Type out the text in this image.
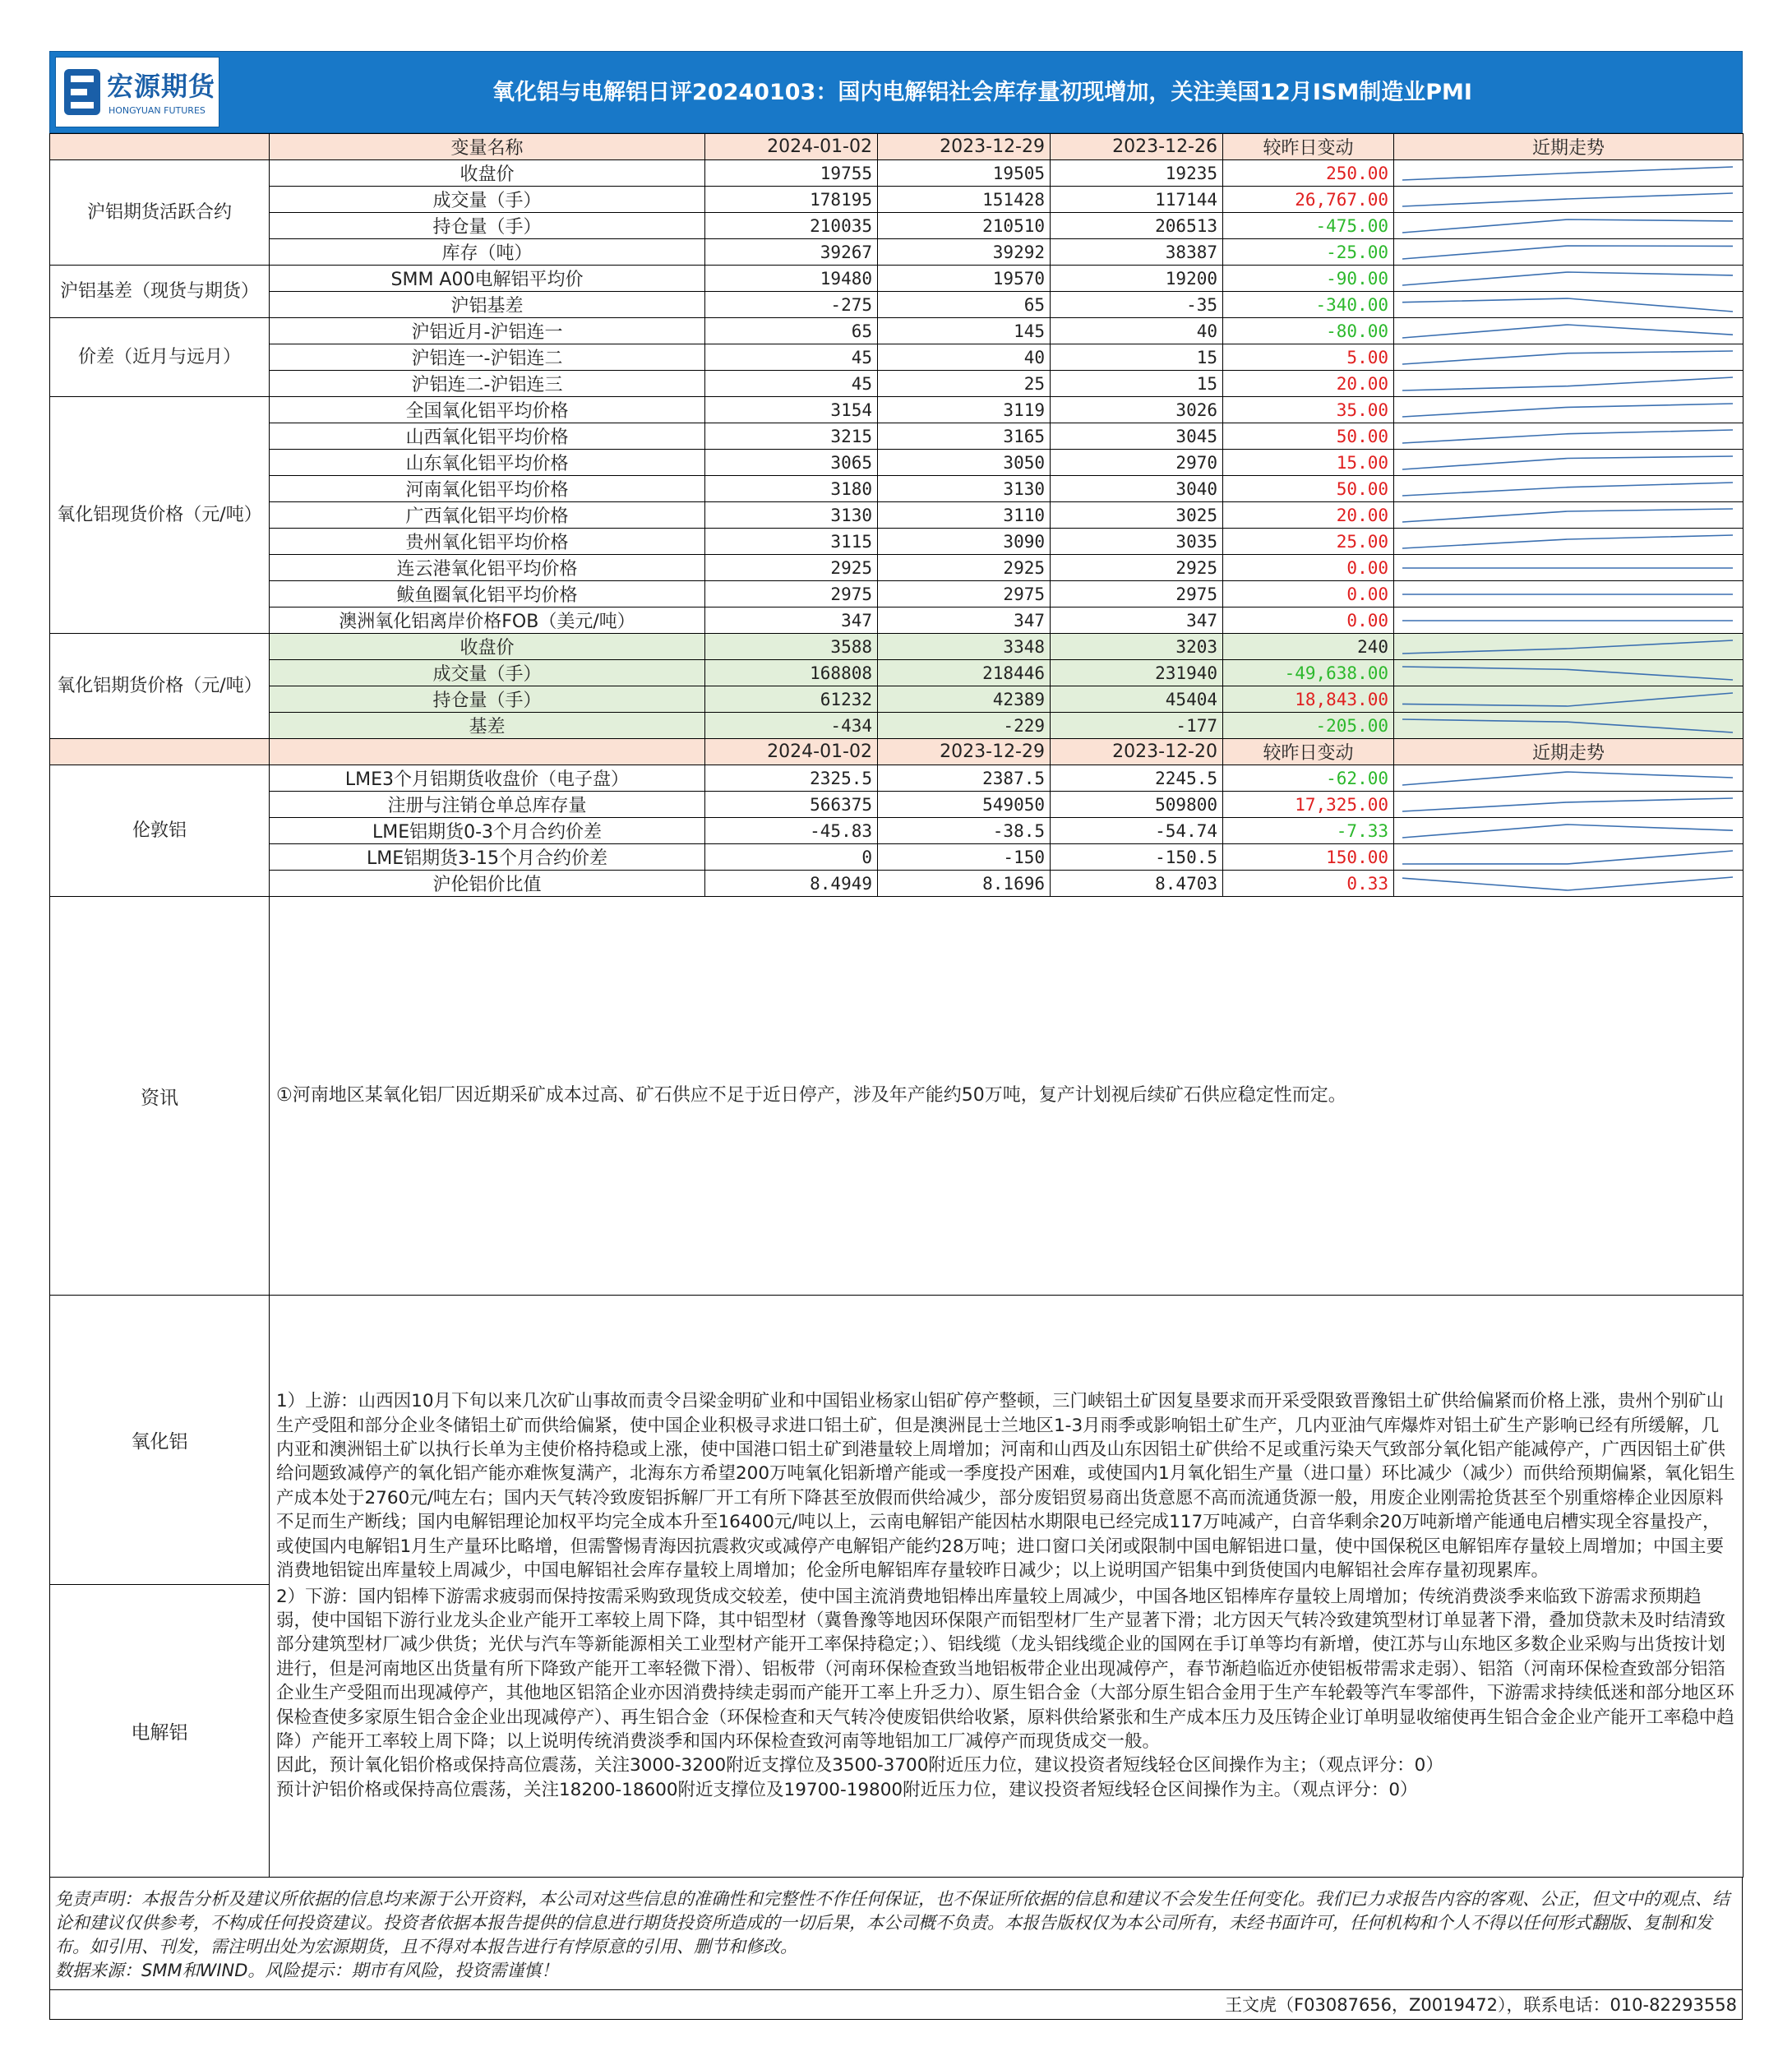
宏源期货
HONGYUAN FUTURES
氧化铝与电解铝日评20240103：国内电解铝社会库存量初现增加，关注美国12月ISM制造业PMI
	变量名称	2024-01-02	2023-12-29	2023-12-26	较昨日变动	近期走势
沪铝期货活跃合约	收盘价	19755	19505	19235	250.00	

	成交量（手）	178195	151428	117144	26,767.00	

	持仓量（手）	210035	210510	206513	-475.00	

	库存（吨）	39267	39292	38387	-25.00	

沪铝基差（现货与期货）	SMM A00电解铝平均价	19480	19570	19200	-90.00	

	沪铝基差	-275	65	-35	-340.00	

价差（近月与远月）	沪铝近月-沪铝连一	65	145	40	-80.00	

	沪铝连一-沪铝连二	45	40	15	5.00	

	沪铝连二-沪铝连三	45	25	15	20.00	

氧化铝现货价格（元/吨）	全国氧化铝平均价格	3154	3119	3026	35.00	

	山西氧化铝平均价格	3215	3165	3045	50.00	

	山东氧化铝平均价格	3065	3050	2970	15.00	

	河南氧化铝平均价格	3180	3130	3040	50.00	

	广西氧化铝平均价格	3130	3110	3025	20.00	

	贵州氧化铝平均价格	3115	3090	3035	25.00	

	连云港氧化铝平均价格	2925	2925	2925	0.00	

	鲅鱼圈氧化铝平均价格	2975	2975	2975	0.00	

	澳洲氧化铝离岸价格FOB（美元/吨）	347	347	347	0.00	

氧化铝期货价格（元/吨）	收盘价	3588	3348	3203	240	

	成交量（手）	168808	218446	231940	-49,638.00	

	持仓量（手）	61232	42389	45404	18,843.00	

	基差	-434	-229	-177	-205.00	

		2024-01-02	2023-12-29	2023-12-20	较昨日变动	近期走势
伦敦铝	LME3个月铝期货收盘价（电子盘）	2325.5	2387.5	2245.5	-62.00	

	注册与注销仓单总库存量	566375	549050	509800	17,325.00	

	LME铝期货0-3个月合约价差	-45.83	-38.5	-54.74	-7.33	

	LME铝期货3-15个月合约价差	0	-150	-150.5	150.00	

	沪伦铝价比值	8.4949	8.1696	8.4703	0.33	

资讯	①河南地区某氧化铝厂因近期采矿成本过高、矿石供应不足于近日停产，涉及年产能约50万吨，复产计划视后续矿石供应稳定性而定。					
氧化铝	1）上游：山西因10月下旬以来几次矿山事故而责令吕梁金明矿业和中国铝业杨家山铝矿停产整顿，三门峡铝土矿因复垦要求而开采受限致晋豫铝土矿供给偏紧而价格上涨，贵州个别矿山生产受阻和部分企业冬储铝土矿而供给偏紧，使中国企业积极寻求进口铝土矿，但是澳洲昆士兰地区1-3月雨季或影响铝土矿生产，几内亚油气库爆炸对铝土矿生产影响已经有所缓解，几内亚和澳洲铝土矿以执行长单为主使价格持稳或上涨，使中国港口铝土矿到港量较上周增加；河南和山西及山东因铝土矿供给不足或重污染天气致部分氧化铝产能减停产，广西因铝土矿供给问题致减停产的氧化铝产能亦难恢复满产，北海东方希望200万吨氧化铝新增产能或一季度投产困难，或使国内1月氧化铝生产量（进口量）环比减少（减少）而供给预期偏紧，氧化铝生产成本处于2760元/吨左右；国内天气转冷致废铝拆解厂开工有所下降甚至放假而供给减少，部分废铝贸易商出货意愿不高而流通货源一般，用废企业刚需抢货甚至个别重熔棒企业因原料不足而生产断线；国内电解铝理论加权平均完全成本升至16400元/吨以上，云南电解铝产能因枯水期限电已经完成117万吨减产，白音华剩余20万吨新增产能通电启槽实现全容量投产，或使国内电解铝1月生产量环比略增，但需警惕青海因抗震救灾或减停产电解铝产能约28万吨；进口窗口关闭或限制中国电解铝进口量，使中国保税区电解铝库存量较上周增加；中国主要消费地铝锭出库量较上周减少，中国电解铝社会库存量较上周增加；伦金所电解铝库存量较昨日减少；以上说明国产铝集中到货使国内电解铝社会库存量初现累库。					

电解铝	2）下游：国内铝棒下游需求疲弱而保持按需采购致现货成交较差，使中国主流消费地铝棒出库量较上周减少，中国各地区铝棒库存量较上周增加；传统消费淡季来临致下游需求预期趋弱，使中国铝下游行业龙头企业产能开工率较上周下降，其中铝型材（冀鲁豫等地因环保限产而铝型材厂生产显著下滑；北方因天气转冷致建筑型材订单显著下滑，叠加贷款未及时结清致部分建筑型材厂减少供货；光伏与汽车等新能源相关工业型材产能开工率保持稳定；）、铝线缆（龙头铝线缆企业的国网在手订单等均有新增，使江苏与山东地区多数企业采购与出货按计划进行，但是河南地区出货量有所下降致产能开工率轻微下滑）、铝板带（河南环保检查致当地铝板带企业出现减停产，春节渐趋临近亦使铝板带需求走弱）、铝箔（河南环保检查致部分铝箔企业生产受阻而出现减停产，其他地区铝箔企业亦因消费持续走弱而产能开工率上升乏力）、原生铝合金（大部分原生铝合金用于生产车轮毂等汽车零部件，下游需求持续低迷和部分地区环保检查使多家原生铝合金企业出现减停产）、再生铝合金（环保检查和天气转冷使废铝供给收紧，原料供给紧张和生产成本压力及压铸企业订单明显收缩使再生铝合金企业产能开工率稳中趋降）产能开工率较上周下降；以上说明传统消费淡季和国内环保检查致河南等地铝加工厂减停产而现货成交一般。
因此，预计氧化铝价格或保持高位震荡，关注3000-3200附近支撑位及3500-3700附近压力位，建议投资者短线轻仓区间操作为主；（观点评分：0）
预计沪铝价格或保持高位震荡，关注18200-18600附近支撑位及19700-19800附近压力位，建议投资者短线轻仓区间操作为主。（观点评分：0）					
免责声明：本报告分析及建议所依据的信息均来源于公开资料，本公司对这些信息的准确性和完整性不作任何保证，也不保证所依据的信息和建议不会发生任何变化。我们已力求报告内容的客观、公正，但文中的观点、结论和建议仅供参考，不构成任何投资建议。投资者依据本报告提供的信息进行期货投资所造成的一切后果，本公司概不负责。本报告版权仅为本公司所有，未经书面许可，任何机构和个人不得以任何形式翻版、复制和发布。如引用、刊发，需注明出处为宏源期货，且不得对本报告进行有悖原意的引用、删节和修改。
数据来源：SMM和WIND。风险提示：期市有风险，投资需谨慎！
王文虎（F03087656，Z0019472），联系电话：010-82293558
